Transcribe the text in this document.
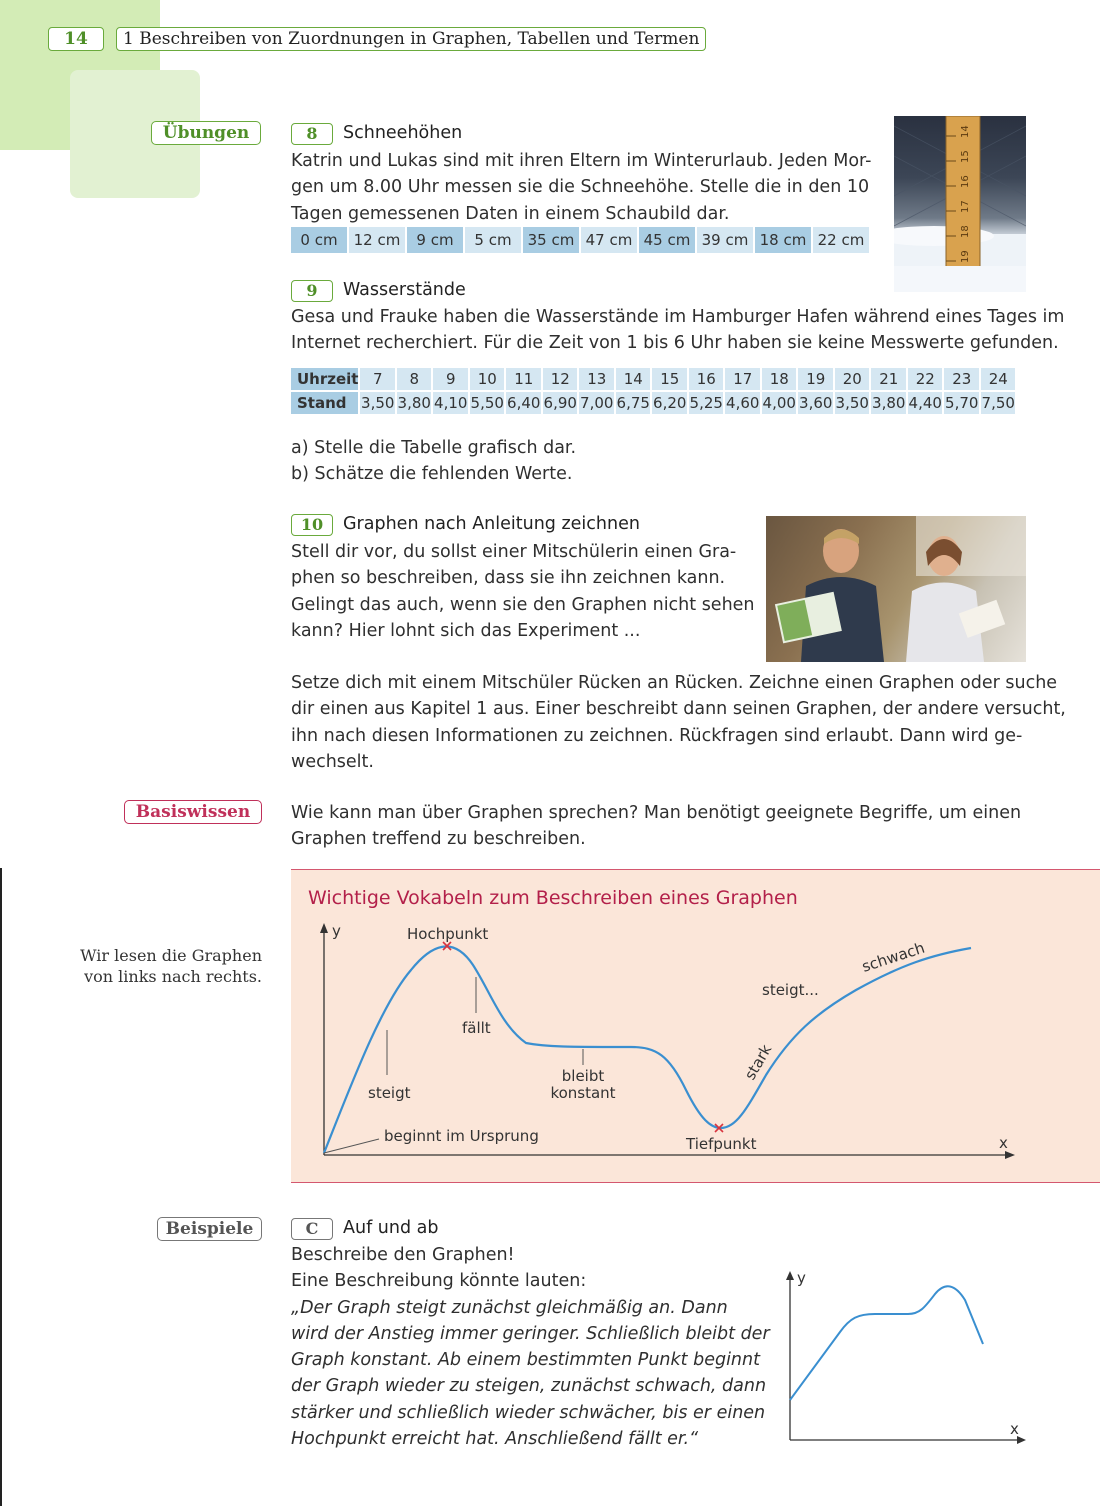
14	1 Beschreiben von Zuordnungen in Graphen, Tabellen und Termen
Übungen	8	Schneehöhen
Katrin und Lukas sind mit ihren Eltern im Winterurlaub. Jeden Mor-
gen um 8.00 Uhr messen sie die Schneehöhe. Stelle die in den 10
Tagen gemessenen Daten in einem Schaubild dar.
0 cm	12 cm	9 cm	5 cm	35 cm	47 cm	45 cm	39 cm	18 cm	22 cm
14
15
16
17
18
19
9	Wasserstände
Gesa und Frauke haben die Wasserstände im Hamburger Hafen während eines Tages im
Internet recherchiert. Für die Zeit von 1 bis 6 Uhr haben sie keine Messwerte gefunden.
Uhrzeit	7	8	9	10	11	12	13	14	15	16	17	18	19	20	21	22	23	24
Stand	3,50	3,80	4,10	5,50	6,40	6,90	7,00	6,75	6,20	5,25	4,60	4,00	3,60	3,50	3,80	4,40	5,70	7,50
a) Stelle die Tabelle grafisch dar.
b) Schätze die fehlenden Werte.
10	Graphen nach Anleitung zeichnen
Stell dir vor, du sollst einer Mitschülerin einen Gra-
phen so beschreiben, dass sie ihn zeichnen kann.
Gelingt das auch, wenn sie den Graphen nicht sehen
kann? Hier lohnt sich das Experiment ...
Setze dich mit einem Mitschüler Rücken an Rücken. Zeichne einen Graphen oder suche
dir einen aus Kapitel 1 aus. Einer beschreibt dann seinen Graphen, der andere versucht,
ihn nach diesen Informationen zu zeichnen. Rückfragen sind erlaubt. Dann wird ge-
wechselt.
Basiswissen	Wie kann man über Graphen sprechen? Man benötigt geeignete Begriffe, um einen
Graphen treffend zu beschreiben.
Wir lesen die Graphen
von links nach rechts.
Wichtige Vokabeln zum Beschreiben eines Graphen
y
x
Hochpunkt
fällt
steigt
bleibt
konstant
beginnt im Ursprung	Tiefpunkt
stark
steigt...
schwach
Beispiele	C	Auf und ab
Beschreibe den Graphen!
Eine Beschreibung könnte lauten:
„Der Graph steigt zunächst gleichmäßig an. Dann
wird der Anstieg immer geringer. Schließlich bleibt der
Graph konstant. Ab einem bestimmten Punkt beginnt
der Graph wieder zu steigen, zunächst schwach, dann
stärker und schließlich wieder schwächer, bis er einen
Hochpunkt erreicht hat. Anschließend fällt er.“
y
x
